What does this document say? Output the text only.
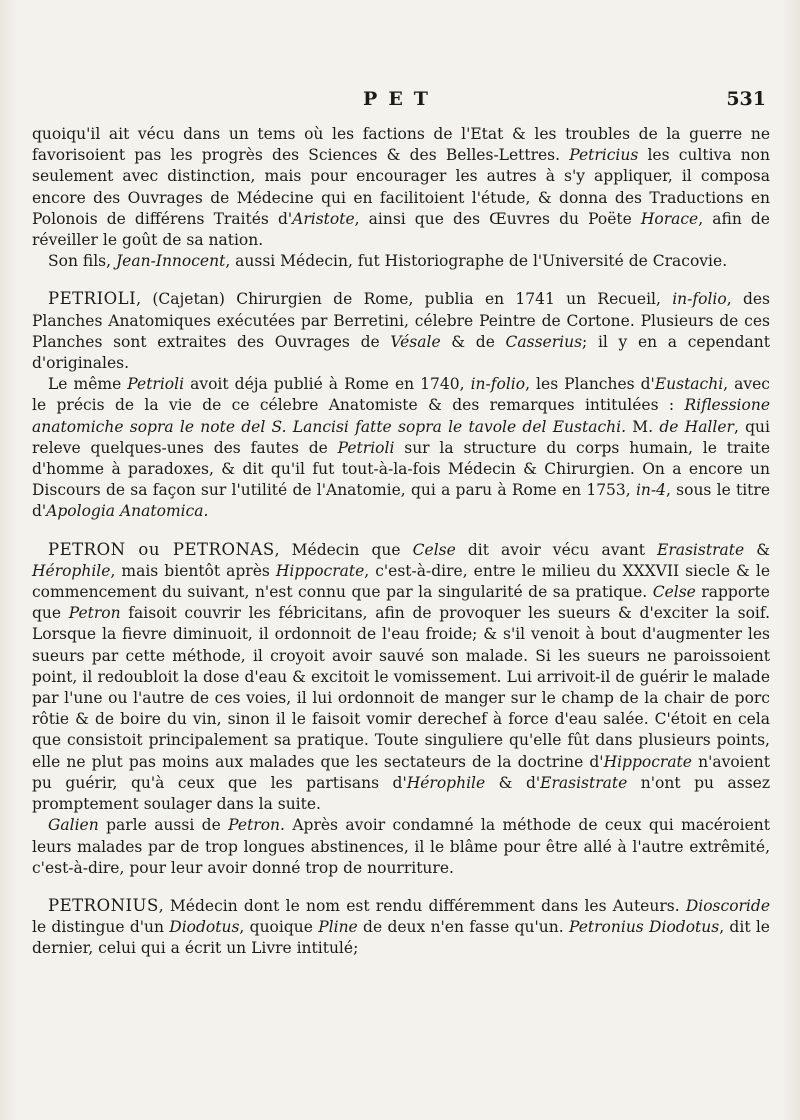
PET	531

quoiqu'il ait vécu dans un tems où les factions de l'Etat & les troubles de la guerre ne favorisoient pas les progrès des Sciences & des Belles-Lettres. Petricius les cultiva non seulement avec distinction, mais pour encourager les autres à s'y appliquer, il composa encore des Ouvrages de Médecine qui en facilitoient l'étude, & donna des Traductions en Polonois de différens Traités d'Aristote, ainsi que des Œuvres du Poëte Horace, afin de réveiller le goût de sa nation.

Son fils, Jean-Innocent, aussi Médecin, fut Historiographe de l'Université de Cracovie.

PETRIOLI, (Cajetan) Chirurgien de Rome, publia en 1741 un Recueil, in-folio, des Planches Anatomiques exécutées par Berretini, célebre Peintre de Cortone. Plusieurs de ces Planches sont extraites des Ouvrages de Vésale & de Casserius; il y en a cependant d'originales.

Le même Petrioli avoit déja publié à Rome en 1740, in-folio, les Planches d'Eustachi, avec le précis de la vie de ce célebre Anatomiste & des remarques intitulées : Riflessione anatomiche sopra le note del S. Lancisi fatte sopra le tavole del Eustachi. M. de Haller, qui releve quelques-unes des fautes de Petrioli sur la structure du corps humain, le traite d'homme à paradoxes, & dit qu'il fut tout-à-la-fois Médecin & Chirurgien. On a encore un Discours de sa façon sur l'utilité de l'Anatomie, qui a paru à Rome en 1753, in-4, sous le titre d'Apologia Anatomica.

PETRON ou PETRONAS, Médecin que Celse dit avoir vécu avant Erasistrate & Hérophile, mais bientôt après Hippocrate, c'est-à-dire, entre le milieu du XXXVII siecle & le commencement du suivant, n'est connu que par la singularité de sa pratique. Celse rapporte que Petron faisoit couvrir les fébricitans, afin de provoquer les sueurs & d'exciter la soif. Lorsque la fievre diminuoit, il ordonnoit de l'eau froide; & s'il venoit à bout d'augmenter les sueurs par cette méthode, il croyoit avoir sauvé son malade. Si les sueurs ne paroissoient point, il redoubloit la dose d'eau & excitoit le vomissement. Lui arrivoit-il de guérir le malade par l'une ou l'autre de ces voies, il lui ordonnoit de manger sur le champ de la chair de porc rôtie & de boire du vin, sinon il le faisoit vomir derechef à force d'eau salée. C'étoit en cela que consistoit principalement sa pratique. Toute singuliere qu'elle fût dans plusieurs points, elle ne plut pas moins aux malades que les sectateurs de la doctrine d'Hippocrate n'avoient pu guérir, qu'à ceux que les partisans d'Hérophile & d'Erasistrate n'ont pu assez promptement soulager dans la suite.

Galien parle aussi de Petron. Après avoir condamné la méthode de ceux qui macéroient leurs malades par de trop longues abstinences, il le blâme pour être allé à l'autre extrêmité, c'est-à-dire, pour leur avoir donné trop de nourriture.

PETRONIUS, Médecin dont le nom est rendu différemment dans les Auteurs. Dioscoride le distingue d'un Diodotus, quoique Pline de deux n'en fasse qu'un. Petronius Diodotus, dit le dernier, celui qui a écrit un Livre intitulé;
